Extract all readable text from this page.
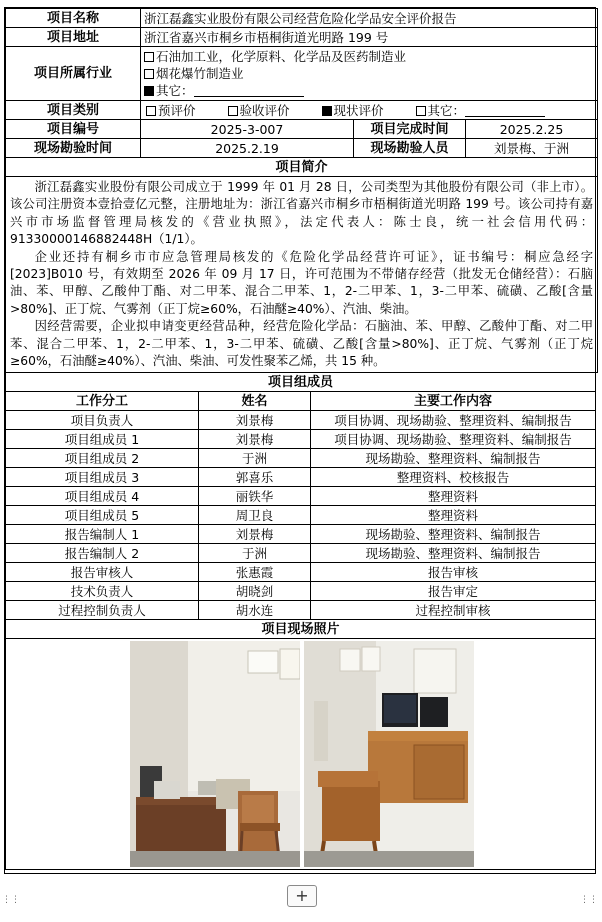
项目名称	浙江磊鑫实业股份有限公司经营危险化学品安全评价报告		
项目地址	浙江省嘉兴市桐乡市梧桐街道光明路 199 号		
项目所属行业	石油加工业，化学原料、化学品及医药制造业
烟花爆竹制造业
其它：		

项目类别	预评价 验收评价 现状评价 其它：		
项目编号	2025-3-007	项目完成时间	2025.2.25
现场勘验时间	2025.2.19	现场勘验人员	刘景梅、于洲
项目简介			

浙江磊鑫实业股份有限公司成立于 1999 年 01 月 28 日，公司类型为其他股份有限公司（非上市）。该公司注册资本壹拾壹亿元整，注册地址为：浙江省嘉兴市桐乡市梧桐街道光明路 199 号。该公司持有嘉兴市市场监督管理局核发的《营业执照》，法定代表人：陈士良，统一社会信用代码：91330000146882448H（1/1）。

企业还持有桐乡市市应急管理局核发的《危险化学品经营许可证》，证书编号：桐应急经字[2023]B010 号，有效期至 2026 年 09 月 17 日，许可范围为不带储存经营（批发无仓储经营）：石脑油、苯、甲醇、乙酸仲丁酯、对二甲苯、混合二甲苯、1，2-二甲苯、1，3-二甲苯、硫磺、乙酸[含量>80%]、正丁烷、气雾剂（正丁烷≥60%，石油醚≥40%）、汽油、柴油。

因经营需要，企业拟申请变更经营品种，经营危险化学品：石脑油、苯、甲醇、乙酸仲丁酯、对二甲苯、混合二甲苯、1，2-二甲苯、1，3-二甲苯、硫磺、乙酸[含量>80%]、正丁烷、气雾剂（正丁烷≥60%，石油醚≥40%）、汽油、柴油、可发性聚苯乙烯，共 15 种。			

项目组成员		
工作分工	姓名	主要工作内容
项目负责人	刘景梅	项目协调、现场勘验、整理资料、编制报告
项目组成员 1	刘景梅	项目协调、现场勘验、整理资料、编制报告
项目组成员 2	于洲	现场勘验、整理资料、编制报告
项目组成员 3	郭喜乐	整理资料、校核报告
项目组成员 4	丽铁华	整理资料
项目组成员 5	周卫良	整理资料
报告编制人 1	刘景梅	现场勘验、整理资料、编制报告
报告编制人 2	于洲	现场勘验、整理资料、编制报告
报告审核人	张惠霞	报告审核
技术负责人	胡晓剑	报告审定
过程控制负责人	胡水连	过程控制审核
项目现场照片		

+
⋮⋮	⋮⋮
